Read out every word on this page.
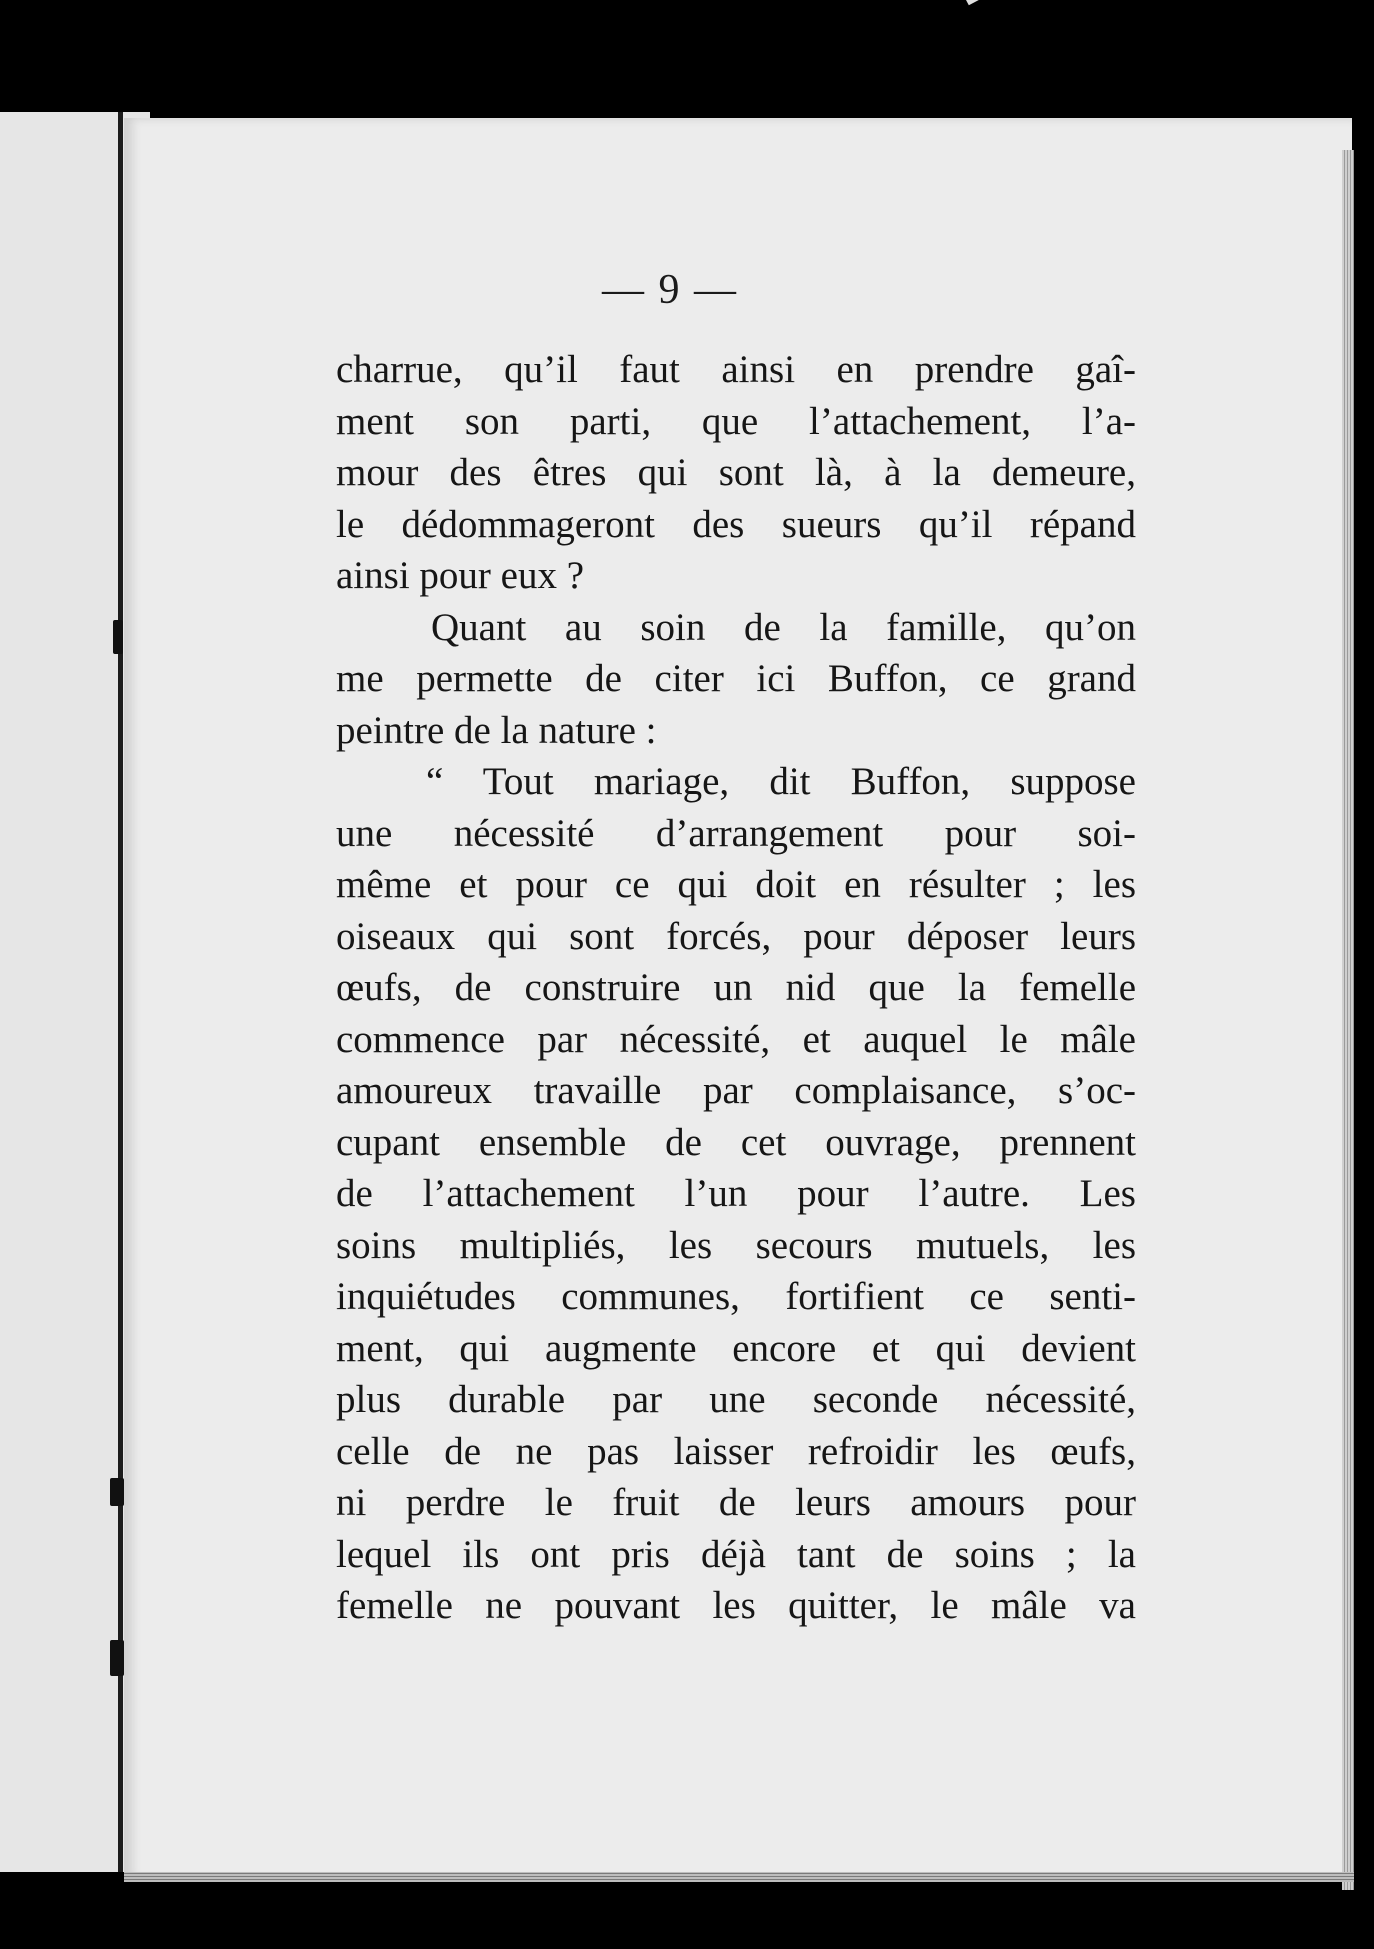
— 9 —
charrue, qu’il faut ainsi en prendre gaî-
ment son parti, que l’attachement, l’a-
mour des êtres qui sont là, à la demeure,
le dédommageront des sueurs qu’il répand
ainsi pour eux ?
Quant au soin de la famille, qu’on
me permette de citer ici Buffon, ce grand
peintre de la nature :
“ Tout mariage, dit Buffon, suppose
une nécessité d’arrangement pour soi-
même et pour ce qui doit en résulter ; les
oiseaux qui sont forcés, pour déposer leurs
œufs, de construire un nid que la femelle
commence par nécessité, et auquel le mâle
amoureux travaille par complaisance, s’oc-
cupant ensemble de cet ouvrage, prennent
de l’attachement l’un pour l’autre. Les
soins multipliés, les secours mutuels, les
inquiétudes communes, fortifient ce senti-
ment, qui augmente encore et qui devient
plus durable par une seconde nécessité,
celle de ne pas laisser refroidir les œufs,
ni perdre le fruit de leurs amours pour
lequel ils ont pris déjà tant de soins ; la
femelle ne pouvant les quitter, le mâle va
